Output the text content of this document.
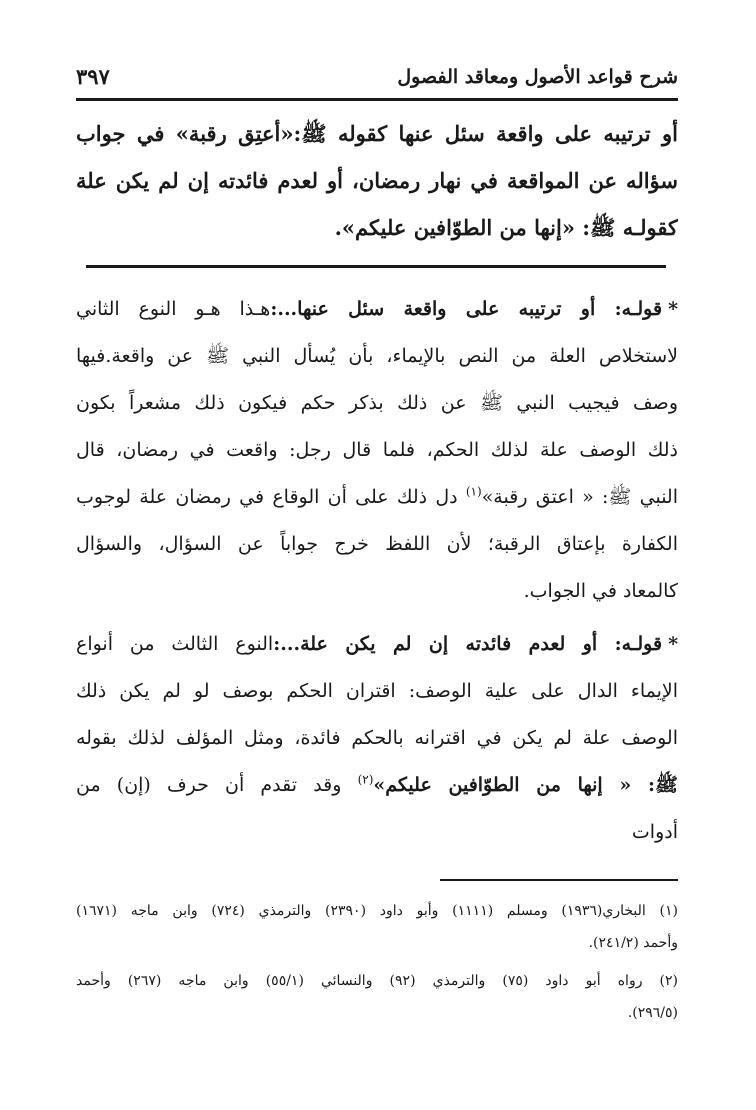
شرح قواعد الأصول ومعاقد الفصول
٣٩٧
أو ترتيبه على واقعة سئل عنها كقوله ﷺ:«أعتِق رقبة» في جواب
سؤاله عن المواقعة في نهار رمضان، أو لعدم فائدته إن لم يكن علة
كقولـه ﷺ: «إنها من الطوّافين عليكم».
*قولـه: أو ترتيبه على واقعة سئل عنها...:هـذا هـو النوع الثاني
لاستخلاص العلة من النص بالإيماء، بأن يُسأل النبي ﷺ عن واقعة.فيها
وصف فيجيب النبي ﷺ عن ذلك بذكر حكم فيكون ذلك مشعراً بكون
ذلك الوصف علة لذلك الحكم، فلما قال رجل: واقعت في رمضان، قال
النبي ﷺ: « اعتق رقبة»$^{(١)}$ دل ذلك على أن الوقاع في رمضان علة لوجوب
الكفارة بإعتاق الرقبة؛ لأن اللفظ خرج جواباً عن السؤال، والسؤال
كالمعاد في الجواب.
*قولـه: أو لعدم فائدته إن لم يكن علة...:النوع الثالث من أنواع
الإيماء الدال على علية الوصف: اقتران الحكم بوصف لو لم يكن ذلك
الوصف علة لم يكن في اقترانه بالحكم فائدة، ومثل المؤلف لذلك بقوله
ﷺ: « إنها من الطوّافين عليكم»$^{(٢)}$ وقد تقدم أن حرف (إن) من
أدوات
(١) البخاري(١٩٣٦) ومسلم (١١١١) وأبو داود (٢٣٩٠) والترمذي (٧٢٤) وابن ماجه (١٦٧١)
وأحمد (٢٤١/٢).
(٢) رواه أبو داود (٧٥) والترمذي (٩٢) والنسائي (٥٥/١) وابن ماجه (٢٦٧) وأحمد
(٢٩٦/٥).
